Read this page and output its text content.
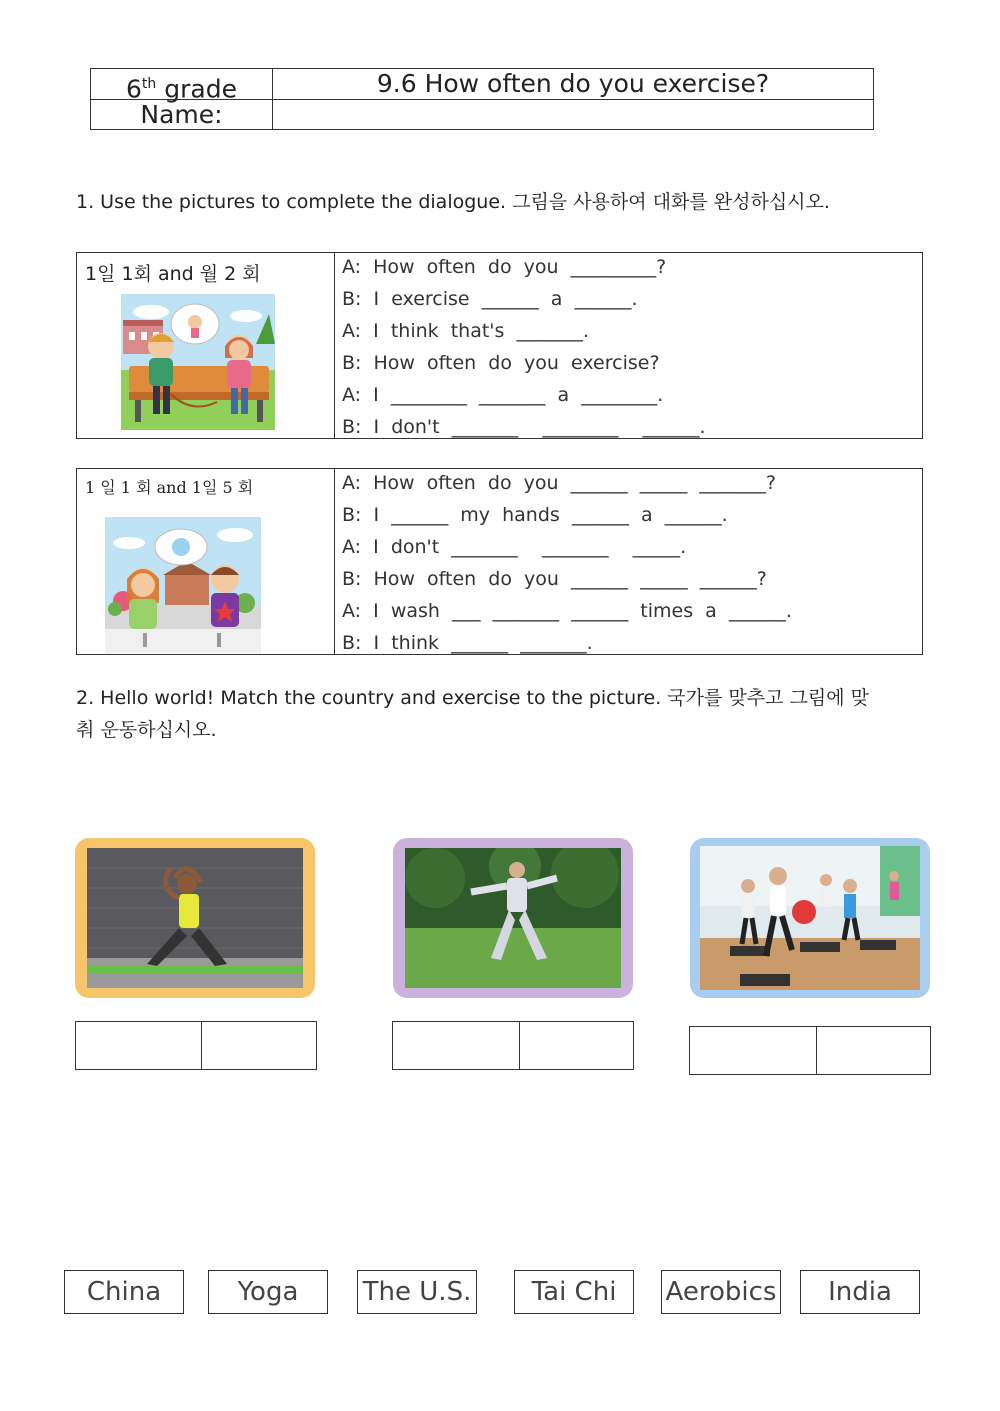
6th grade	9.6 How often do you exercise?
Name:
1. Use the pictures to complete the dialogue. 그림을 사용하여 대화를 완성하십시오.
1일 1회 and 월 2 회	A:  How  often  do  you  _________?
B:  I  exercise  ______  a  ______.
A:  I  think  that's  _______.
B:  How  often  do  you  exercise?
A:  I  ________  _______  a  ________.
B:  I  don't  _______    ________    ______.
1 일 1 회 and 1일 5 회	A:  How  often  do  you  ______  _____  _______?
B:  I  ______  my  hands  ______  a  ______.
A:  I  don't  _______    _______    _____.
B:  How  often  do  you  ______  _____  ______?
A:  I  wash  ___  _______  ______  times  a  ______.
B:  I  think  ______  _______.
2. Hello world! Match the country and exercise to the picture. 국가를 맞추고 그림에 맞
춰 운동하십시오.
China	Yoga	The U.S.	Tai Chi	Aerobics	India
